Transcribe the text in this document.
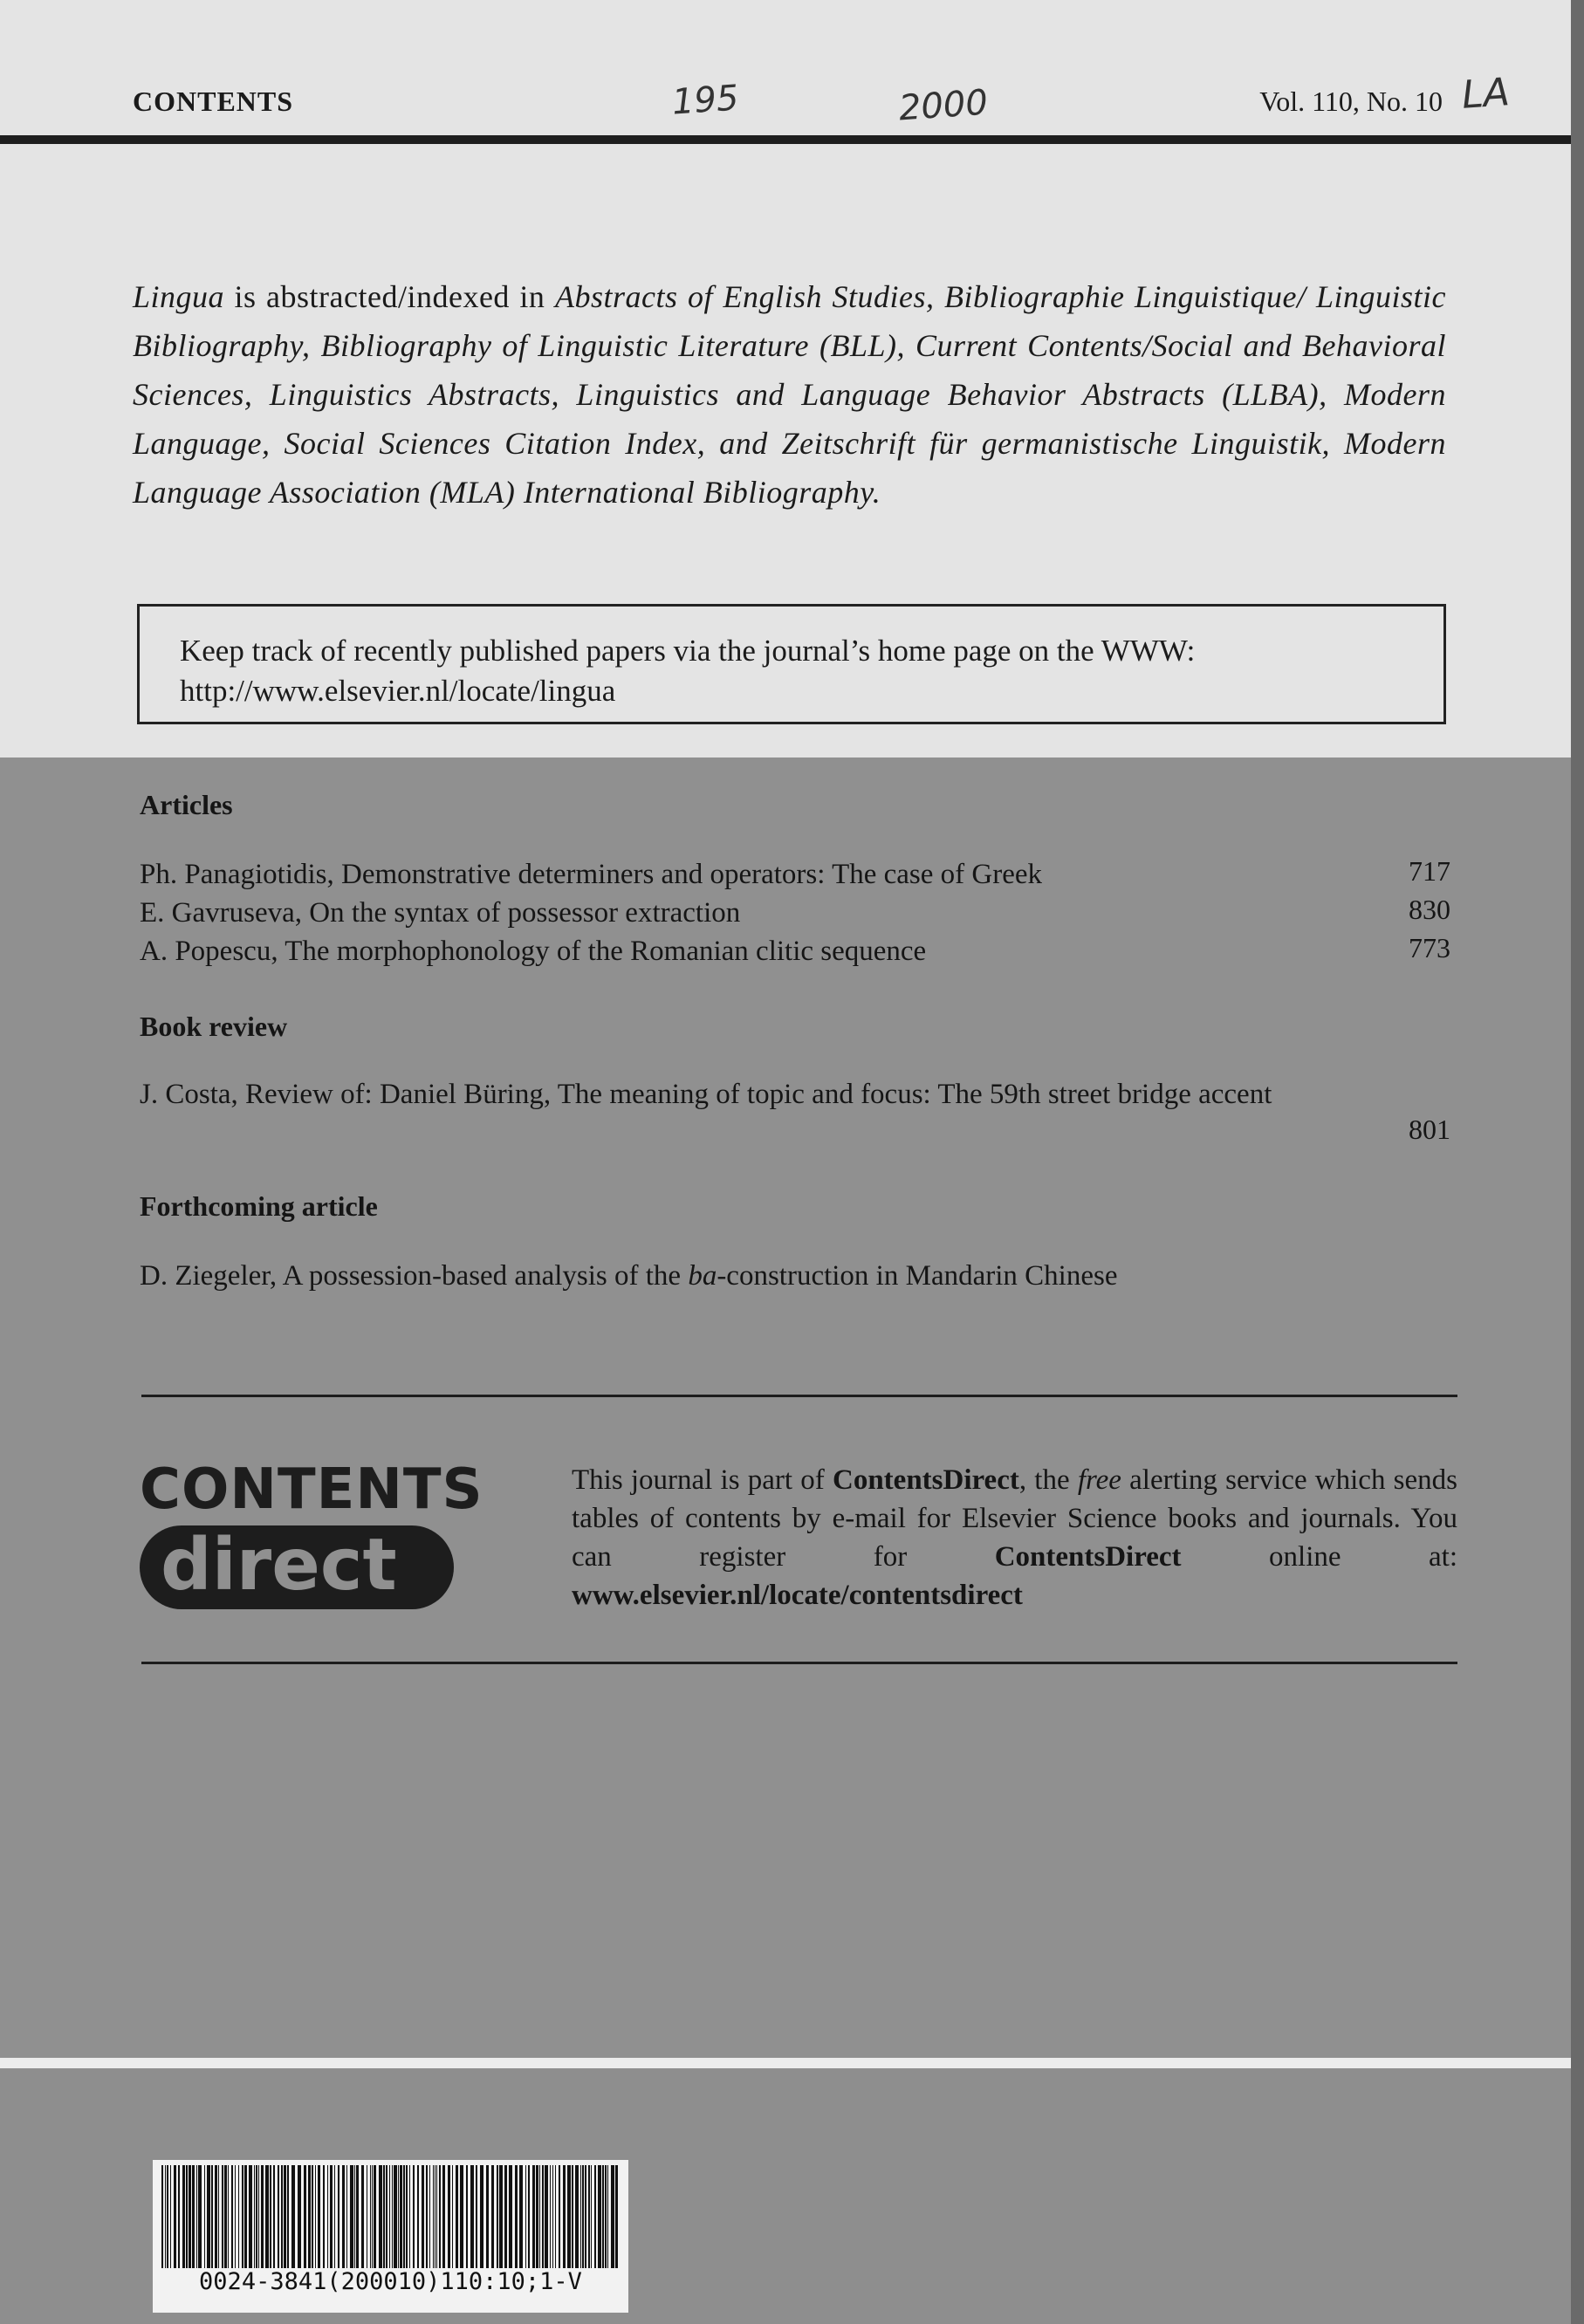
CONTENTS	195	2000	Vol. 110, No. 10 LA
Lingua is abstracted/indexed in Abstracts of English Studies, Bibliographie Linguistique/ Linguistic Bibliography, Bibliography of Linguistic Literature (BLL), Current Contents/Social and Behavioral Sciences, Linguistics Abstracts, Linguistics and Language Behavior Abstracts (LLBA), Modern Language, Social Sciences Citation Index, and Zeitschrift für germanistische Linguistik, Modern Language Association (MLA) International Bibliography.
Keep track of recently published papers via the journal’s home page on the WWW:
http://www.elsevier.nl/locate/lingua
Articles
Ph. Panagiotidis, Demonstrative determiners and operators: The case of Greek	717
E. Gavruseva, On the syntax of possessor extraction	830
A. Popescu, The morphophonology of the Romanian clitic sequence	773
Book review
J. Costa, Review of: Daniel Büring, The meaning of topic and focus: The 59th street bridge accent
801
Forthcoming article
D. Ziegeler, A possession-based analysis of the ba-construction in Mandarin Chinese
CONTENTS
direct
This journal is part of ContentsDirect, the free alerting service which sends tables of contents by e-mail for Elsevier Science books and journals. You can register for ContentsDirect online at: www.elsevier.nl/locate/contentsdirect
0024-3841(200010)110:10;1-V
